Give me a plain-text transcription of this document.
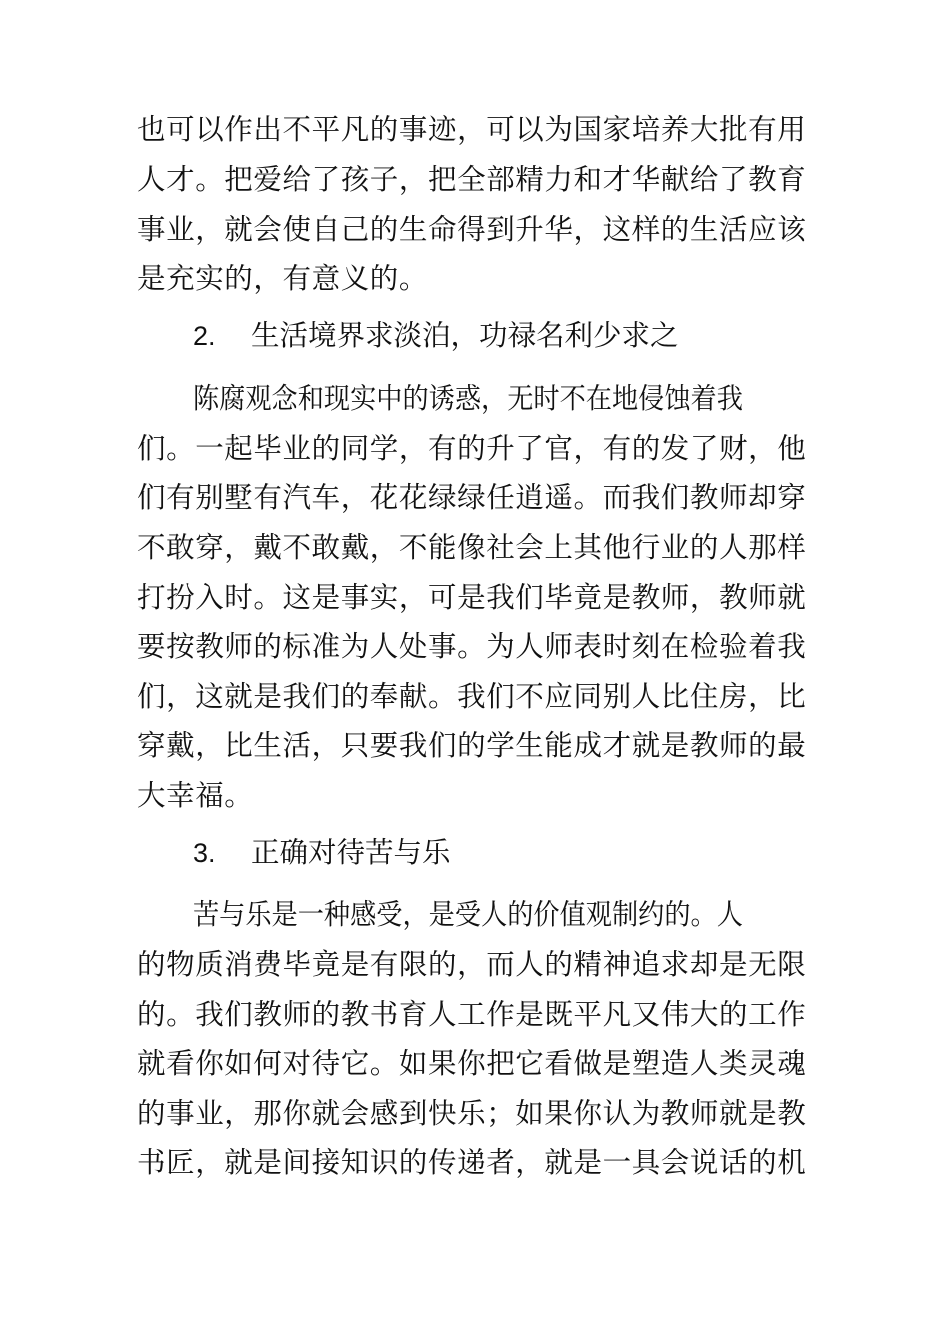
也可以作出不平凡的事迹，可以为国家培养大批有用
人才。把爱给了孩子，把全部精力和才华献给了教育
事业，就会使自己的生命得到升华，这样的生活应该
是充实的，有意义的。
2. 生活境界求淡泊，功禄名利少求之
陈腐观念和现实中的诱惑，无时不在地侵蚀着我
们。一起毕业的同学，有的升了官，有的发了财，他
们有别墅有汽车，花花绿绿任逍遥。而我们教师却穿
不敢穿，戴不敢戴，不能像社会上其他行业的人那样
打扮入时。这是事实，可是我们毕竟是教师，教师就
要按教师的标准为人处事。为人师表时刻在检验着我
们，这就是我们的奉献。我们不应同别人比住房，比
穿戴，比生活，只要我们的学生能成才就是教师的最
大幸福。
3. 正确对待苦与乐
苦与乐是一种感受，是受人的价值观制约的。人
的物质消费毕竟是有限的，而人的精神追求却是无限
的。我们教师的教书育人工作是既平凡又伟大的工作
就看你如何对待它。如果你把它看做是塑造人类灵魂
的事业，那你就会感到快乐；如果你认为教师就是教
书匠，就是间接知识的传递者，就是一具会说话的机
